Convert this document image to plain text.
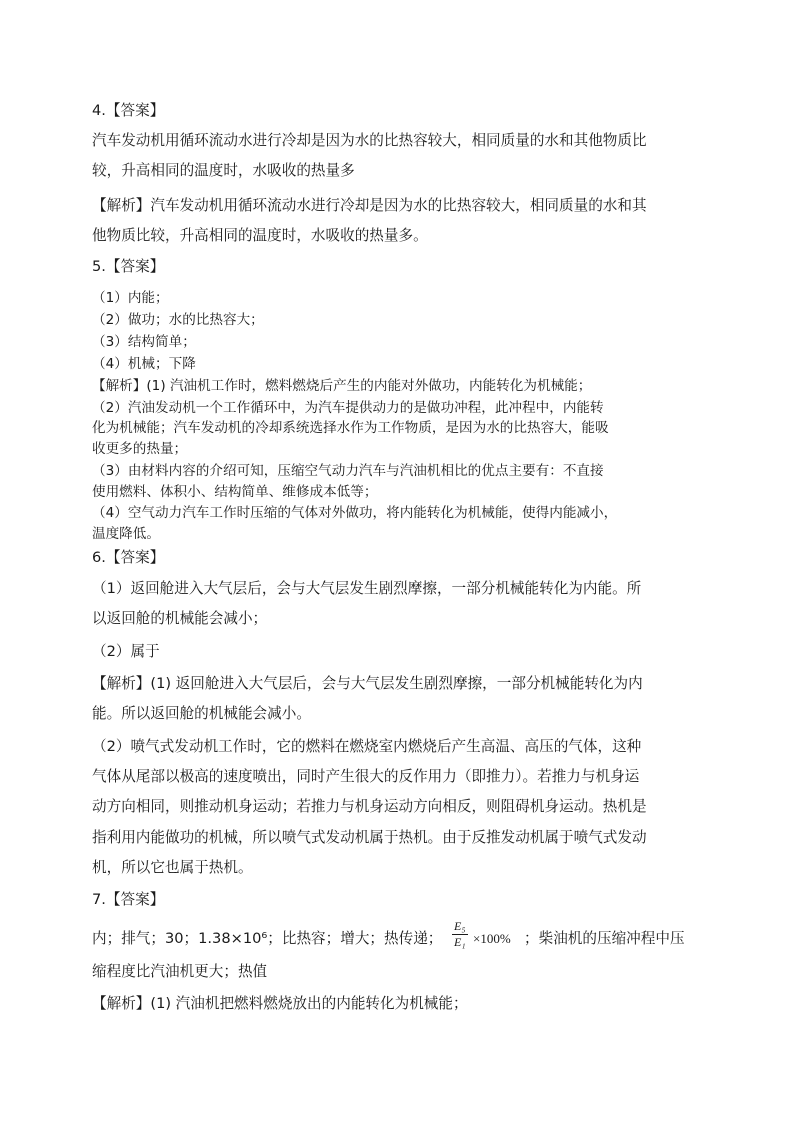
4.【答案】
汽车发动机用循环流动水进行冷却是因为水的比热容较大，相同质量的水和其他物质比
较，升高相同的温度时，水吸收的热量多
【解析】汽车发动机用循环流动水进行冷却是因为水的比热容较大，相同质量的水和其
他物质比较，升高相同的温度时，水吸收的热量多。
5.【答案】
（1）内能；
（2）做功；水的比热容大；
（3）结构简单；
（4）机械；下降
【解析】(1) 汽油机工作时，燃料燃烧后产生的内能对外做功，内能转化为机械能；
（2）汽油发动机一个工作循环中，为汽车提供动力的是做功冲程，此冲程中，内能转
化为机械能；汽车发动机的冷却系统选择水作为工作物质，是因为水的比热容大，能吸
收更多的热量；
（3）由材料内容的介绍可知，压缩空气动力汽车与汽油机相比的优点主要有：不直接
使用燃料、体积小、结构简单、维修成本低等；
（4）空气动力汽车工作时压缩的气体对外做功，将内能转化为机械能，使得内能减小，
温度降低。
6.【答案】
（1）返回舱进入大气层后，会与大气层发生剧烈摩擦，一部分机械能转化为内能。所
以返回舱的机械能会减小；
（2）属于
【解析】(1) 返回舱进入大气层后，会与大气层发生剧烈摩擦，一部分机械能转化为内
能。所以返回舱的机械能会减小。
（2）喷气式发动机工作时，它的燃料在燃烧室内燃烧后产生高温、高压的气体，这种
气体从尾部以极高的速度喷出，同时产生很大的反作用力（即推力）。若推力与机身运
动方向相同，则推动机身运动；若推力与机身运动方向相反，则阻碍机身运动。热机是
指利用内能做功的机械，所以喷气式发动机属于热机。由于反推发动机属于喷气式发动
机，所以它也属于热机。
7.【答案】
内；排气；30；1.38×10⁶；比热容；增大；热传递； $\frac{\text{E₅}}{\text{E₁}} \times 100\%$ ；柴油机的压缩冲程中压
缩程度比汽油机更大；热值
【解析】(1) 汽油机把燃料燃烧放出的内能转化为机械能；
